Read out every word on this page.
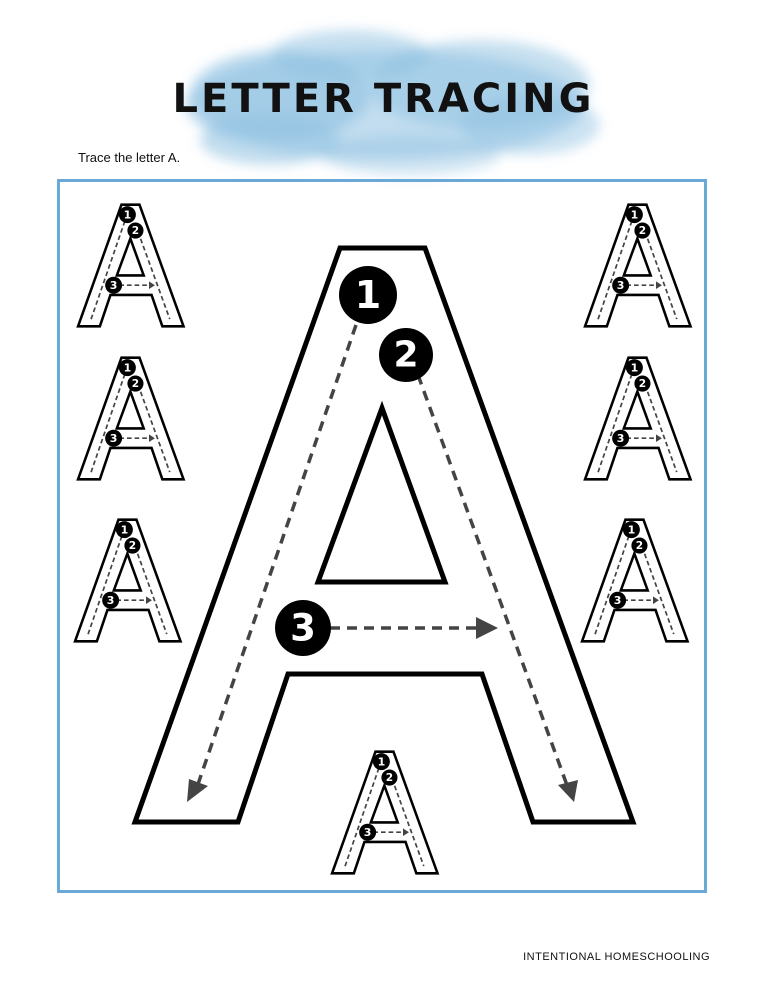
LETTER TRACING

Trace the letter A.

1
2
3

INTENTIONAL HOMESCHOOLING
